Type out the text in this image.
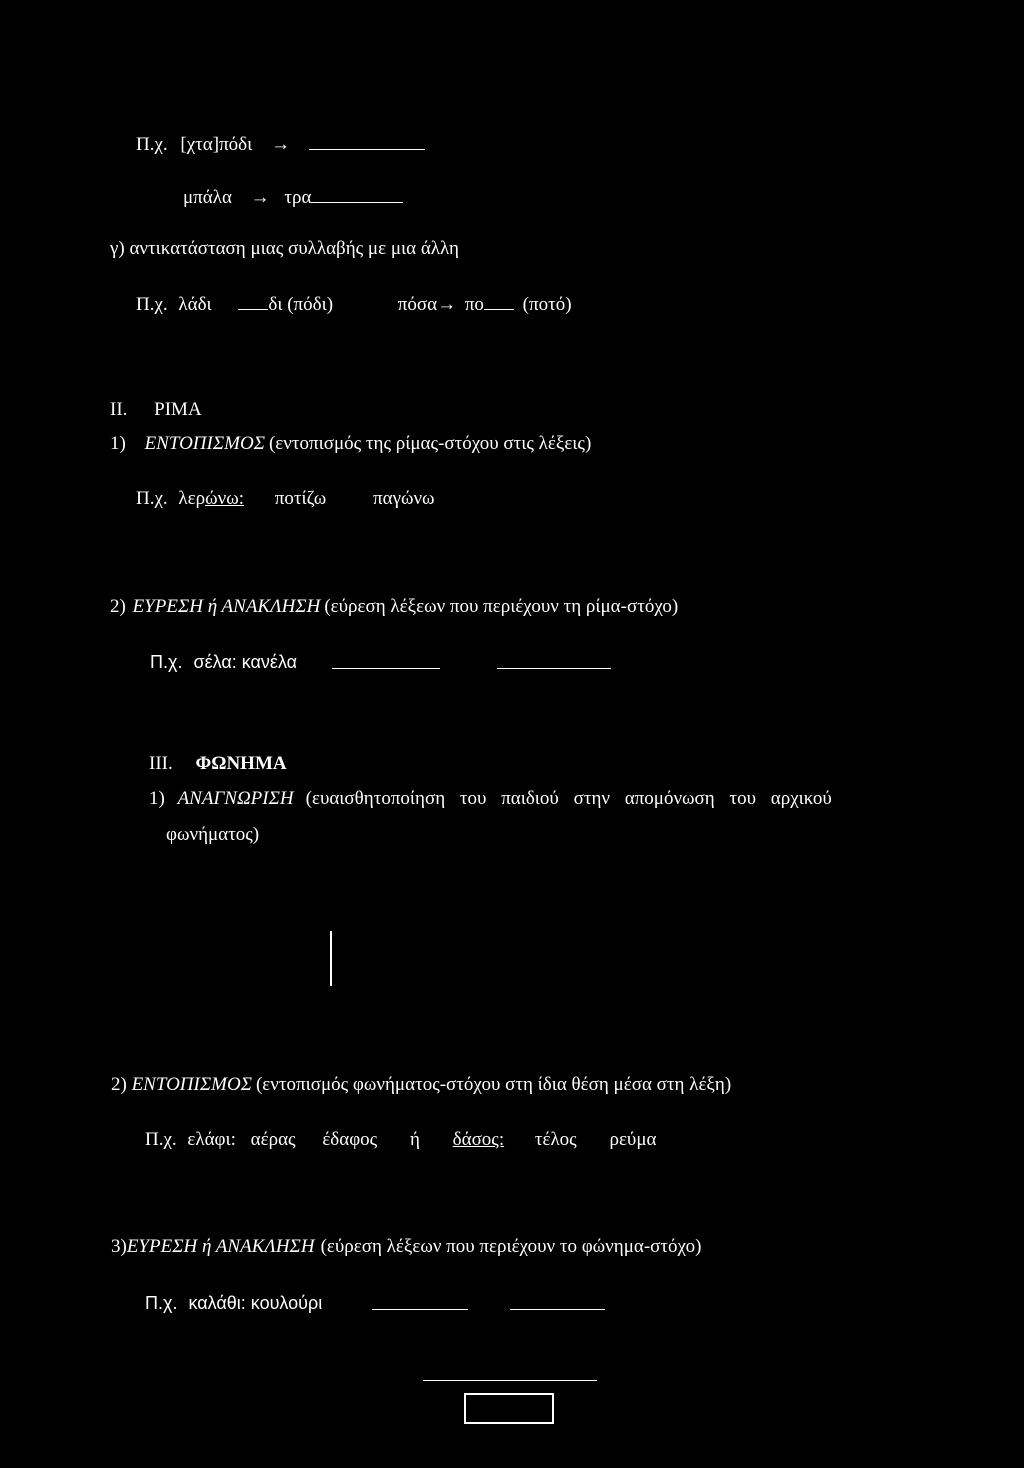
Π.χ. [χτα]πόδι →
μπάλα → τρα
γ) αντικατάσταση μιας συλλαβής με μια άλλη
Π.χ. λάδι	δι (πόδι)	πόσα→ πο (ποτό)
II. ΡΙΜΑ
1) ΕΝΤΟΠΙΣΜΟΣ (εντοπισμός της ρίμας-στόχου στις λέξεις)
Π.χ. λερώνω: ποτίζω παγώνω
2) ΕΥΡΕΣΗ ή ΑΝΑΚΛΗΣΗ (εύρεση λέξεων που περιέχουν τη ρίμα-στόχο)
Π.χ. σέλα: κανέλα
III. ΦΩΝΗΜΑ
1) ΑΝΑΓΝΩΡΙΣΗ (ευαισθητοποίηση του παιδιού στην απομόνωση του αρχικού
φωνήματος)
2) ΕΝΤΟΠΙΣΜΟΣ (εντοπισμός φωνήματος-στόχου στη ίδια θέση μέσα στη λέξη)
Π.χ. ελάφι: αέρας έδαφος ή δάσος: τέλος ρεύμα
3)ΕΥΡΕΣΗ ή ΑΝΑΚΛΗΣΗ (εύρεση λέξεων που περιέχουν το φώνημα-στόχο)
Π.χ. καλάθι: κουλούρι
